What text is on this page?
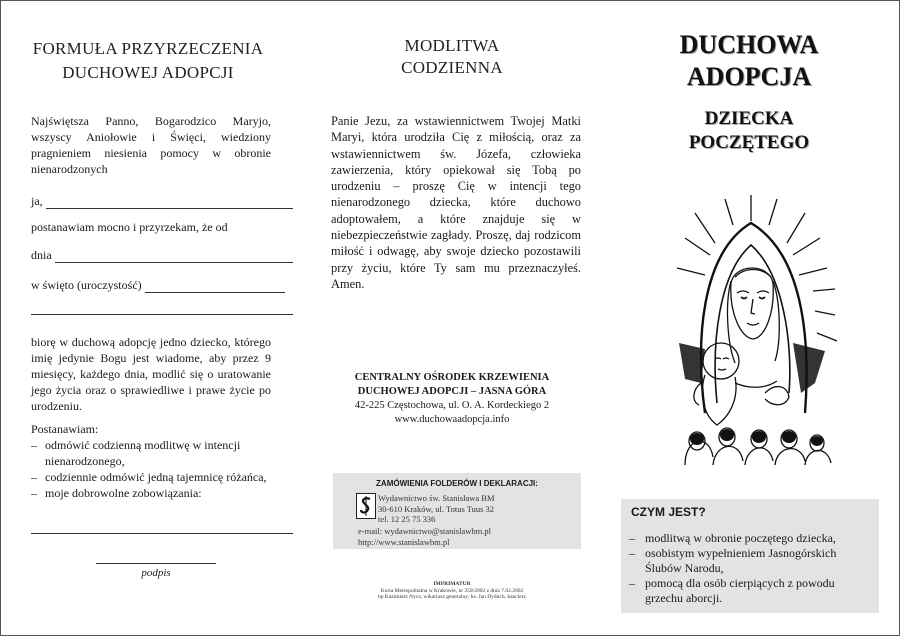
FORMUŁA PRZYRZECZENIA
DUCHOWEJ ADOPCJI
Najświętsza Panno, Bogarodzico Maryjo, wszyscy Aniołowie i Święci, wiedziony pragnieniem niesienia pomocy w obronie nienarodzonych
ja,
postanawiam mocno i przyrzekam, że od
dnia
w święto (uroczystość)
biorę w duchową adopcję jedno dziecko, którego imię jedynie Bogu jest wiadome, aby przez 9 miesięcy, każdego dnia, modlić się o uratowanie jego życia oraz o sprawiedliwe i prawe życie po urodzeniu.
Postanawiam:
– odmówić codzienną modlitwę w intencji nienarodzonego,
– codziennie odmówić jedną tajemnicę różańca,
– moje dobrowolne zobowiązania:
podpis
MODLITWA
CODZIENNA
Panie Jezu, za wstawiennictwem Twojej Matki Maryi, która urodziła Cię z miłością, oraz za wstawiennictwem św. Józefa, człowieka zawierzenia, który opiekował się Tobą po urodzeniu – proszę Cię w intencji tego nienarodzonego dziecka, które duchowo adoptowałem, a które znajduje się w niebezpieczeństwie zagłady. Proszę, daj rodzicom miłość i odwagę, aby swoje dziecko pozostawili przy życiu, które Ty sam mu przeznaczyłeś. Amen.
CENTRALNY OŚRODEK KRZEWIENIA
DUCHOWEJ ADOPCJI – JASNA GÓRA
42-225 Częstochowa, ul. O. A. Kordeckiego 2
www.duchowaadopcja.info
ZAMÓWIENIA FOLDERÓW I DEKLARACJI:
Wydawnictwo św. Stanisława BM
30-610 Kraków, ul. Totus Tuus 32
tel. 12 25 75 336
e-mail: wydawnictwo@stanislawbm.pl
http://www.stanislawbm.pl
IMPRIMATUR
Kuria Metropolitalna w Krakowie, nr 359/2002 z dnia 7.02.2002
bp Kazimierz Nycz, wikariusz generalny; ks. Jan Dyduch, kanclerz
DUCHOWA
ADOPCJA
DZIECKA
POCZĘTEGO
CZYM JEST?
– modlitwą w obronie poczętego dziecka,
– osobistym wypełnieniem Jasnogórskich Ślubów Narodu,
– pomocą dla osób cierpiących z powodu grzechu aborcji.
